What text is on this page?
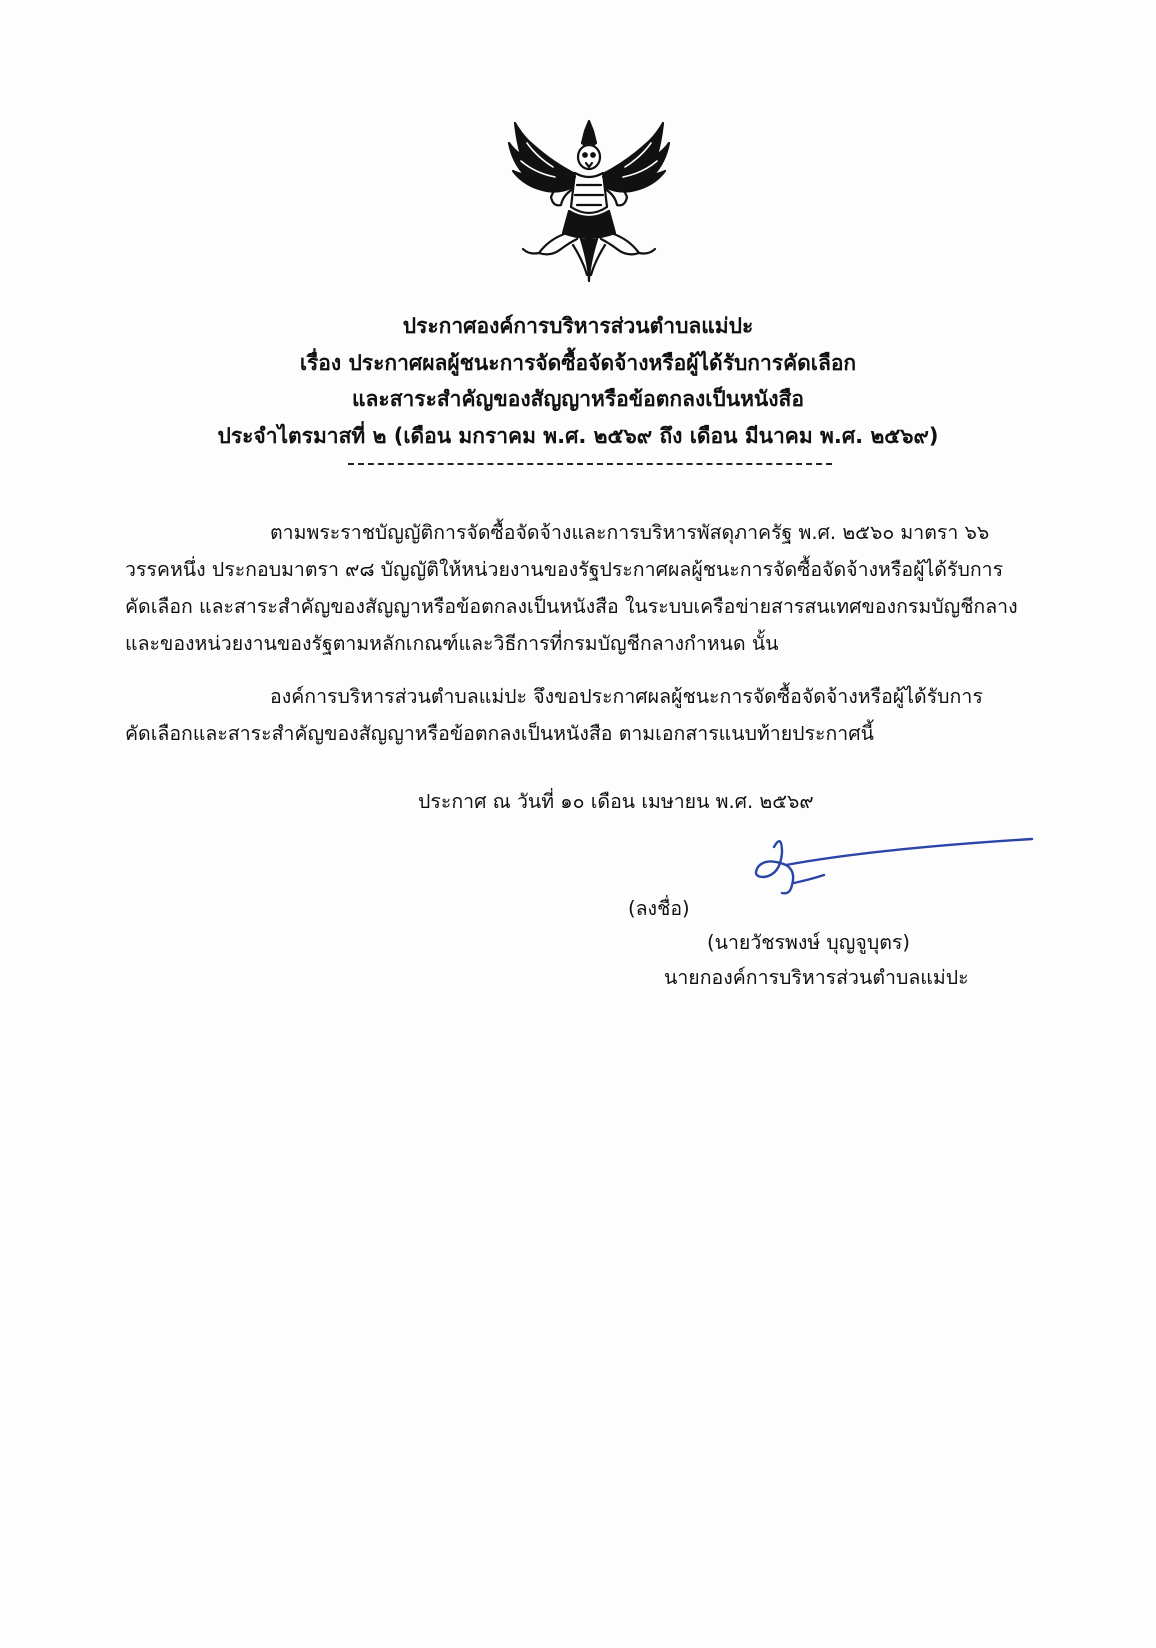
ประกาศองค์การบริหารส่วนตำบลแม่ปะ
เรื่อง ประกาศผลผู้ชนะการจัดซื้อจัดจ้างหรือผู้ได้รับการคัดเลือก
และสาระสำคัญของสัญญาหรือข้อตกลงเป็นหนังสือ
ประจำไตรมาสที่ ๒ (เดือน มกราคม พ.ศ. ๒๕๖๙ ถึง เดือน มีนาคม พ.ศ. ๒๕๖๙)
ตามพระราชบัญญัติการจัดซื้อจัดจ้างและการบริหารพัสดุภาครัฐ พ.ศ. ๒๕๖๐ มาตรา ๖๖
วรรคหนึ่ง ประกอบมาตรา ๙๘ บัญญัติให้หน่วยงานของรัฐประกาศผลผู้ชนะการจัดซื้อจัดจ้างหรือผู้ได้รับการ
คัดเลือก และสาระสำคัญของสัญญาหรือข้อตกลงเป็นหนังสือ ในระบบเครือข่ายสารสนเทศของกรมบัญชีกลาง
และของหน่วยงานของรัฐตามหลักเกณฑ์และวิธีการที่กรมบัญชีกลางกำหนด นั้น
องค์การบริหารส่วนตำบลแม่ปะ จึงขอประกาศผลผู้ชนะการจัดซื้อจัดจ้างหรือผู้ได้รับการ
คัดเลือกและสาระสำคัญของสัญญาหรือข้อตกลงเป็นหนังสือ ตามเอกสารแนบท้ายประกาศนี้
ประกาศ ณ วันที่ ๑๐ เดือน เมษายน พ.ศ. ๒๕๖๙
(ลงชื่อ)
(นายวัชรพงษ์ บุญจูบุตร)
นายกองค์การบริหารส่วนตำบลแม่ปะ
